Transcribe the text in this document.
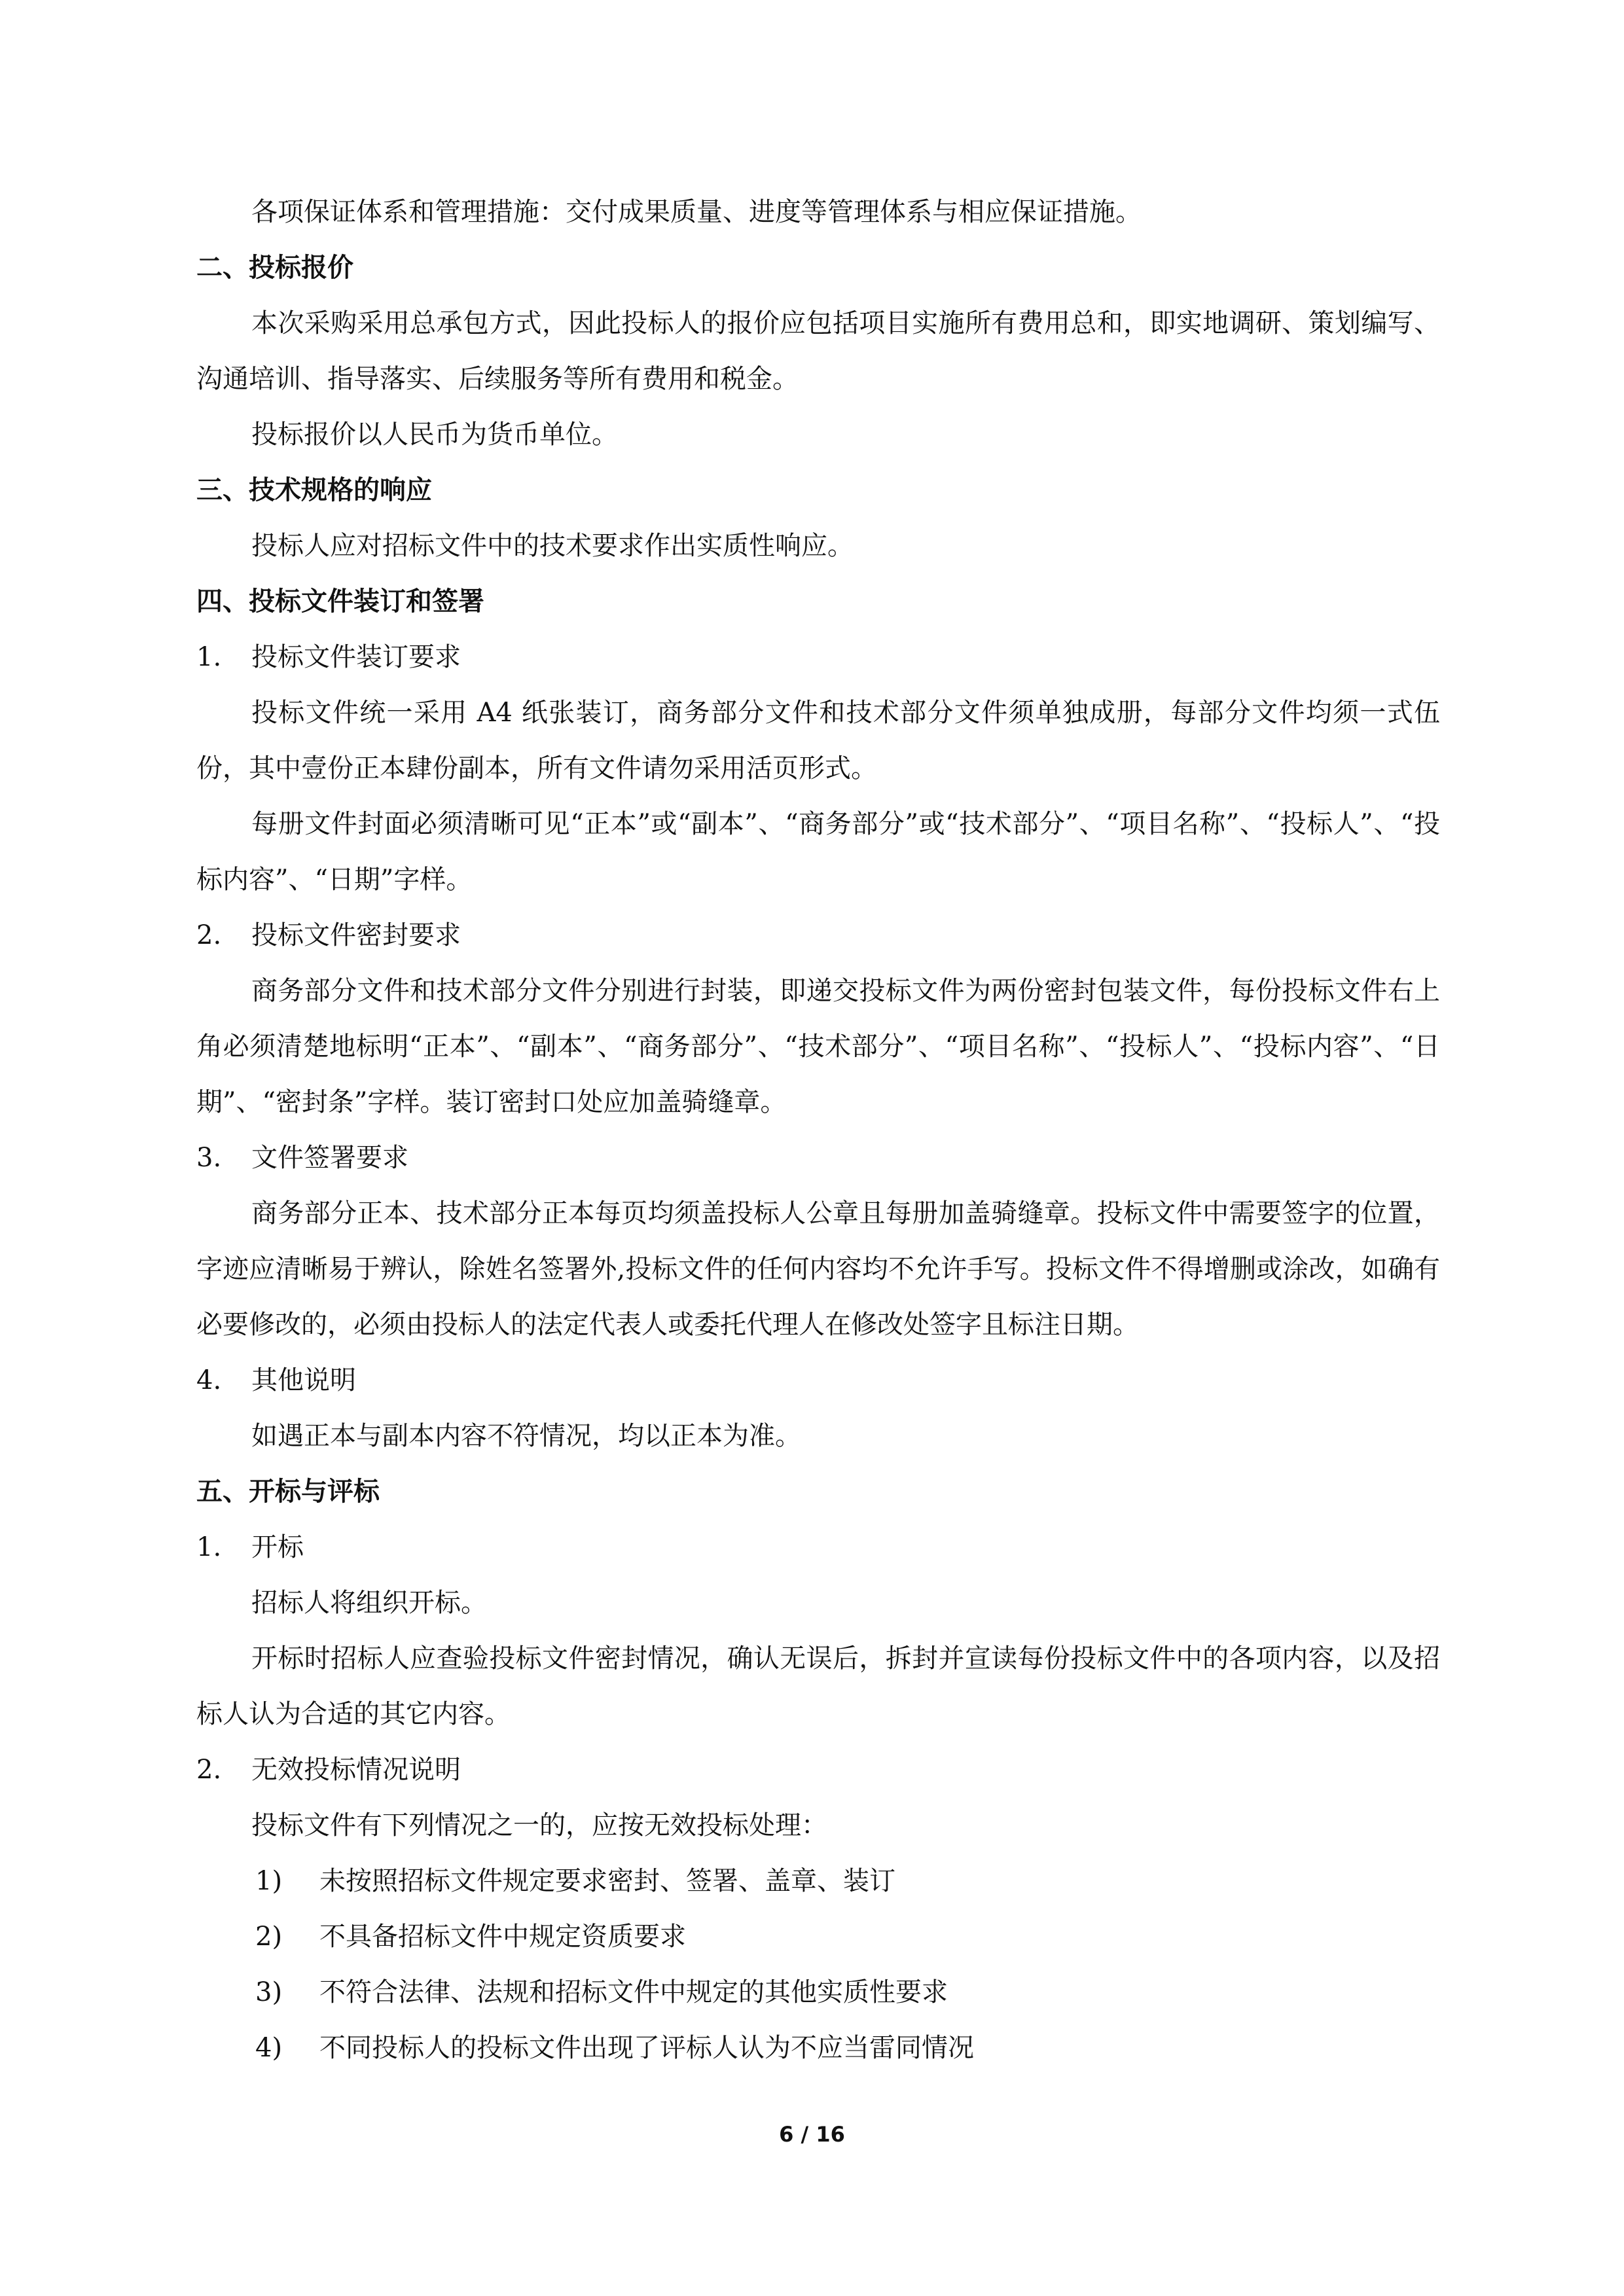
各项保证体系和管理措施：交付成果质量、进度等管理体系与相应保证措施。

二、投标报价

本次采购采用总承包方式，因此投标人的报价应包括项目实施所有费用总和，即实地调研、策划编写、沟通培训、指导落实、后续服务等所有费用和税金。

投标报价以人民币为货币单位。

三、技术规格的响应

投标人应对招标文件中的技术要求作出实质性响应。

四、投标文件装订和签署

1. 投标文件装订要求

投标文件统一采用 A4 纸张装订，商务部分文件和技术部分文件须单独成册，每部分文件均须一式伍份，其中壹份正本肆份副本，所有文件请勿采用活页形式。

每册文件封面必须清晰可见“正本”或“副本”、“商务部分”或“技术部分”、“项目名称”、“投标人”、“投标内容”、“日期”字样。

2. 投标文件密封要求

商务部分文件和技术部分文件分别进行封装，即递交投标文件为两份密封包装文件，每份投标文件右上角必须清楚地标明“正本”、“副本”、“商务部分”、“技术部分”、“项目名称”、“投标人”、“投标内容”、“日期”、“密封条”字样。装订密封口处应加盖骑缝章。

3. 文件签署要求

商务部分正本、技术部分正本每页均须盖投标人公章且每册加盖骑缝章。投标文件中需要签字的位置，字迹应清晰易于辨认，除姓名签署外,投标文件的任何内容均不允许手写。投标文件不得增删或涂改，如确有必要修改的，必须由投标人的法定代表人或委托代理人在修改处签字且标注日期。

4. 其他说明

如遇正本与副本内容不符情况，均以正本为准。

五、开标与评标

1. 开标

招标人将组织开标。

开标时招标人应查验投标文件密封情况，确认无误后，拆封并宣读每份投标文件中的各项内容，以及招标人认为合适的其它内容。

2. 无效投标情况说明

投标文件有下列情况之一的，应按无效投标处理：

1) 未按照招标文件规定要求密封、签署、盖章、装订

2) 不具备招标文件中规定资质要求

3) 不符合法律、法规和招标文件中规定的其他实质性要求

4) 不同投标人的投标文件出现了评标人认为不应当雷同情况

6 / 16
